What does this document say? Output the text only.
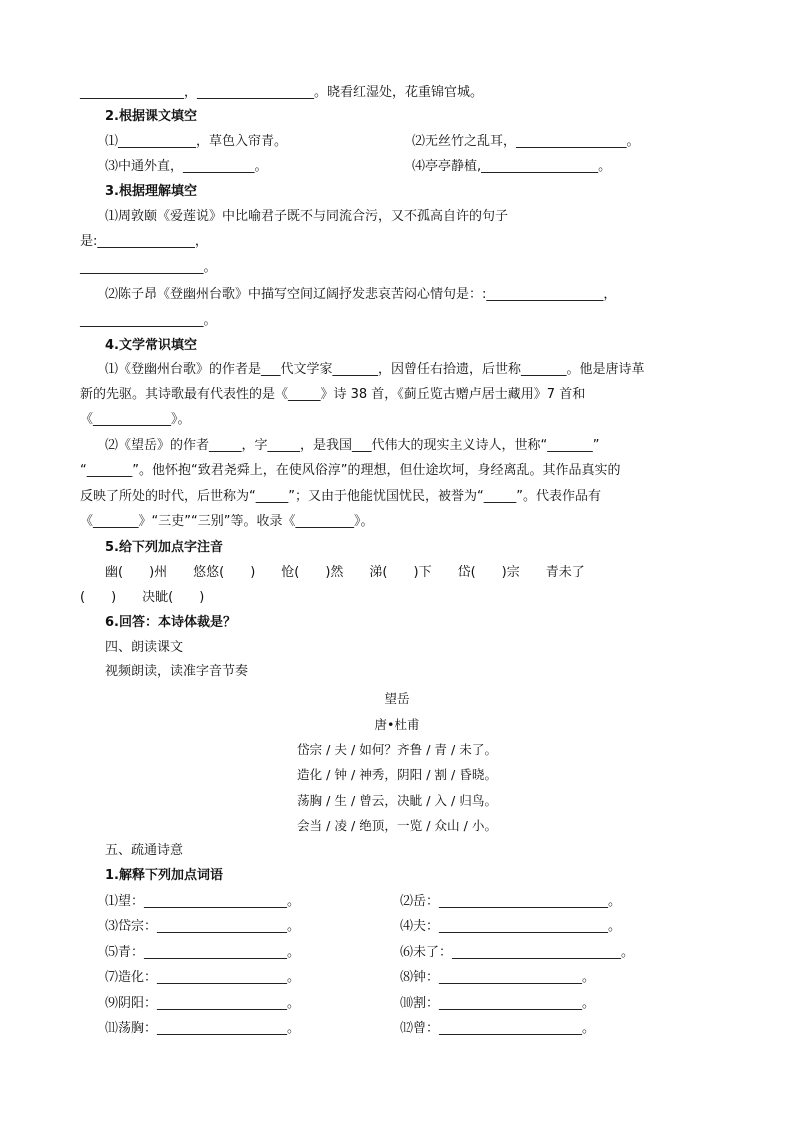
________________，__________________。晓看红湿处，花重锦官城。
2.根据课文填空
⑴____________，草色入帘青。	⑵无丝竹之乱耳，_________________。
⑶中通外直，___________。	⑷亭亭静植,__________________。
3.根据理解填空
⑴周敦颐《爱莲说》中比喻君子既不与同流合污，又不孤高自许的句子
是:_______________，
___________________。
⑵陈子昂《登幽州台歌》中描写空间辽阔抒发悲哀苦闷心情句是：:__________________，
___________________。
4.文学常识填空
⑴《登幽州台歌》的作者是___代文学家_______，因曾任右拾遗，后世称_______。他是唐诗革
新的先驱。其诗歌最有代表性的是《_____》诗 38 首，《蓟丘览古赠卢居士藏用》7 首和
《____________》。
⑵《望岳》的作者_____，字_____，是我国___代伟大的现实主义诗人，世称“_______”
“_______”。他怀抱“致君尧舜上，在使风俗淳”的理想，但仕途坎坷，身经离乱。其作品真实的
反映了所处的时代，后世称为“_____”；又由于他能忧国忧民，被誉为“_____”。代表作品有
《_______》“三吏”“三别”等。收录《_________》。
5.给下列加点字注音
幽(　　)州　　悠悠(　　)　　怆(　　)然　　涕(　　)下　　岱(　　)宗　　青未了
(　　)　　决眦(　　)
6.回答：本诗体裁是？
四、朗读课文
视频朗读，读准字音节奏
望岳
唐•杜甫
岱宗 / 夫 / 如何？齐鲁 / 青 / 未了。
造化 / 钟 / 神秀，阴阳 / 割 / 昏晓。
荡胸 / 生 / 曾云，决眦 / 入 / 归鸟。
会当 / 凌 / 绝顶，一览 / 众山 / 小。
五、疏通诗意
1.解释下列加点词语
⑴望：______________________。	⑵岳：__________________________。
⑶岱宗：____________________。	⑷夫：__________________________。
⑸青：______________________。	⑹未了：__________________________。
⑺造化：____________________。	⑻钟：______________________。
⑼阴阳：____________________。	⑽割：______________________。
⑾荡胸：____________________。	⑿曾：______________________。
